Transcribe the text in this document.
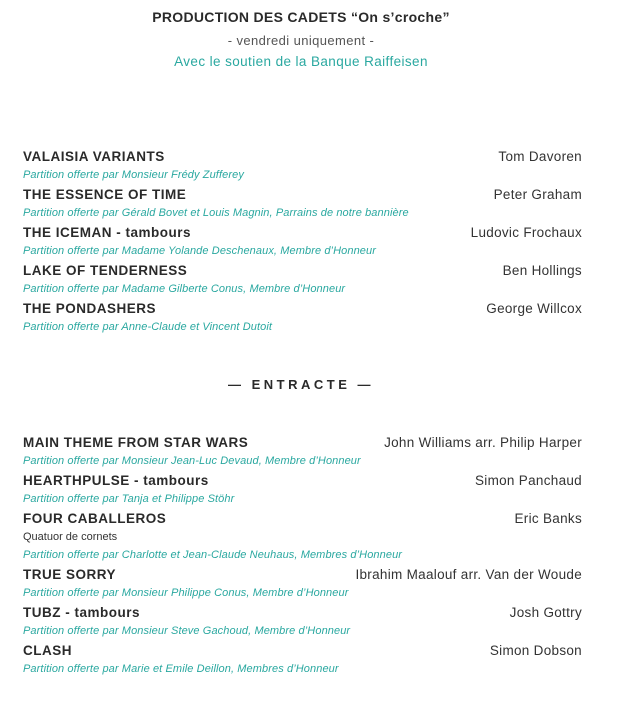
PRODUCTION DES CADETS “On s’croche”
- vendredi uniquement -
Avec le soutien de la Banque Raiffeisen
VALAISIA VARIANTS	Tom Davoren
Partition offerte par Monsieur Frédy Zufferey
THE ESSENCE OF TIME	Peter Graham
Partition offerte par Gérald Bovet et Louis Magnin, Parrains de notre bannière
THE ICEMAN - tambours	Ludovic Frochaux
Partition offerte par Madame Yolande Deschenaux, Membre d’Honneur
LAKE OF TENDERNESS	Ben Hollings
Partition offerte par Madame Gilberte Conus, Membre d’Honneur
THE PONDASHERS	George Willcox
Partition offerte par Anne-Claude et Vincent Dutoit
— ENTRACTE —
MAIN THEME FROM STAR WARS	John Williams arr. Philip Harper
Partition offerte par Monsieur Jean-Luc Devaud, Membre d’Honneur
HEARTHPULSE - tambours	Simon Panchaud
Partition offerte par Tanja et Philippe Stöhr
FOUR CABALLEROS	Eric Banks
Quatuor de cornets
Partition offerte par Charlotte et Jean-Claude Neuhaus, Membres d’Honneur
TRUE SORRY	Ibrahim Maalouf arr. Van der Woude
Partition offerte par Monsieur Philippe Conus, Membre d’Honneur
TUBZ - tambours	Josh Gottry
Partition offerte par Monsieur Steve Gachoud, Membre d’Honneur
CLASH	Simon Dobson
Partition offerte par Marie et Emile Deillon, Membres d’Honneur
